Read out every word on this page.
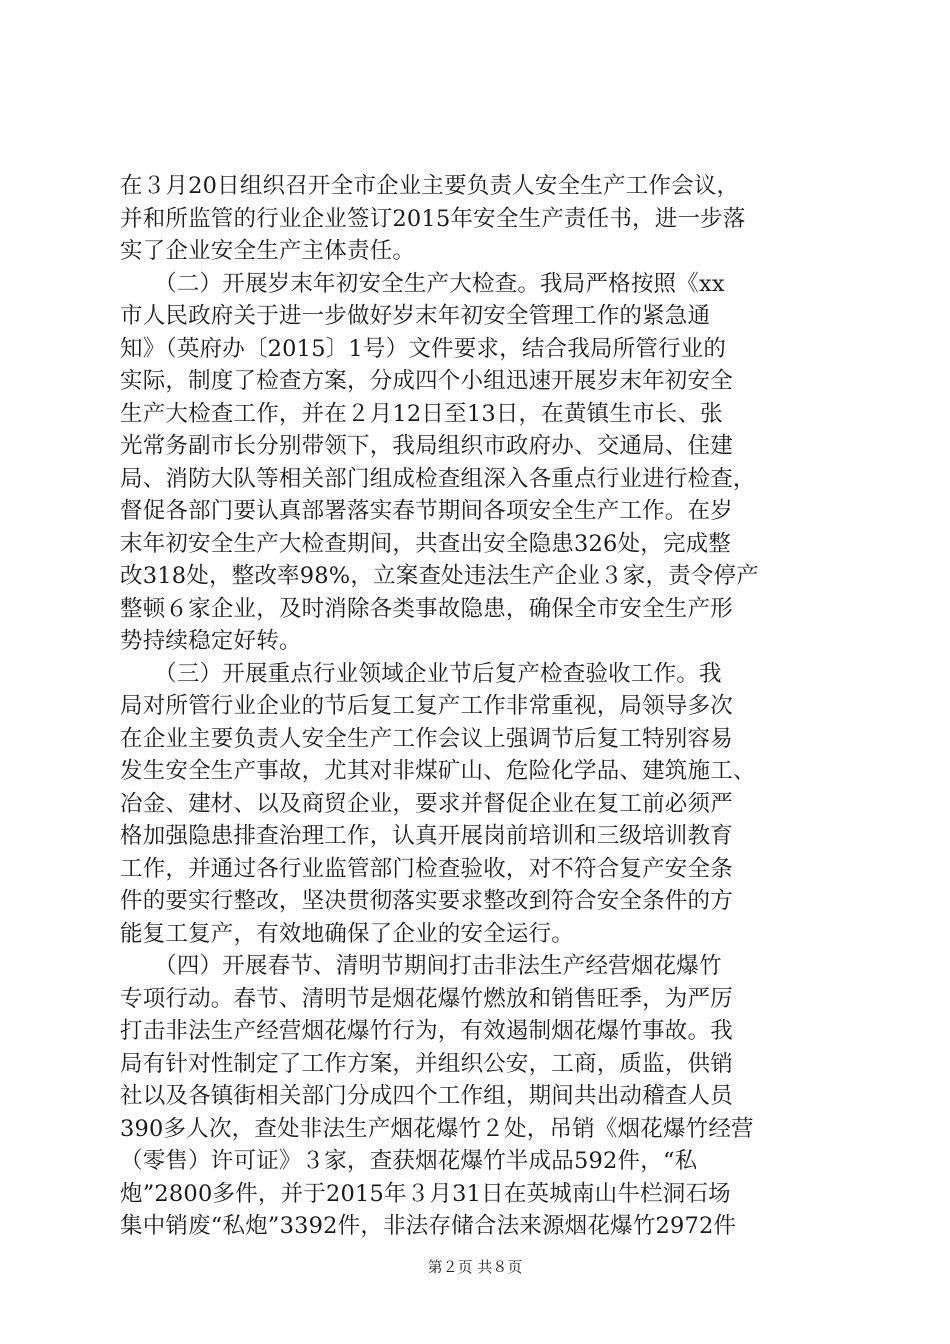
在３月20日组织召开全市企业主要负责人安全生产工作会议，
并和所监管的行业企业签订2015年安全生产责任书，进一步落
实了企业安全生产主体责任。
　　（二）开展岁末年初安全生产大检查。我局严格按照《xx
市人民政府关于进一步做好岁末年初安全管理工作的紧急通
知》（英府办〔2015〕1号）文件要求，结合我局所管行业的
实际，制度了检查方案，分成四个小组迅速开展岁末年初安全
生产大检查工作，并在２月12日至13日，在黄镇生市长、张
光常务副市长分别带领下，我局组织市政府办、交通局、住建
局、消防大队等相关部门组成检查组深入各重点行业进行检查，
督促各部门要认真部署落实春节期间各项安全生产工作。在岁
末年初安全生产大检查期间，共查出安全隐患326处，完成整
改318处，整改率98%，立案查处违法生产企业３家，责令停产
整顿６家企业，及时消除各类事故隐患，确保全市安全生产形
势持续稳定好转。
　　（三）开展重点行业领域企业节后复产检查验收工作。我
局对所管行业企业的节后复工复产工作非常重视，局领导多次
在企业主要负责人安全生产工作会议上强调节后复工特别容易
发生安全生产事故，尤其对非煤矿山、危险化学品、建筑施工、
冶金、建材、以及商贸企业，要求并督促企业在复工前必须严
格加强隐患排查治理工作，认真开展岗前培训和三级培训教育
工作，并通过各行业监管部门检查验收，对不符合复产安全条
件的要实行整改，坚决贯彻落实要求整改到符合安全条件的方
能复工复产，有效地确保了企业的安全运行。
　　（四）开展春节、清明节期间打击非法生产经营烟花爆竹
专项行动。春节、清明节是烟花爆竹燃放和销售旺季，为严厉
打击非法生产经营烟花爆竹行为，有效遏制烟花爆竹事故。我
局有针对性制定了工作方案，并组织公安，工商，质监，供销
社以及各镇街相关部门分成四个工作组，期间共出动稽查人员
390多人次，查处非法生产烟花爆竹２处，吊销《烟花爆竹经营
（零售）许可证》３家，查获烟花爆竹半成品592件，“私
炮”2800多件，并于2015年３月31日在英城南山牛栏洞石场
集中销废“私炮”3392件，非法存储合法来源烟花爆竹2972件
第２页 共８页
